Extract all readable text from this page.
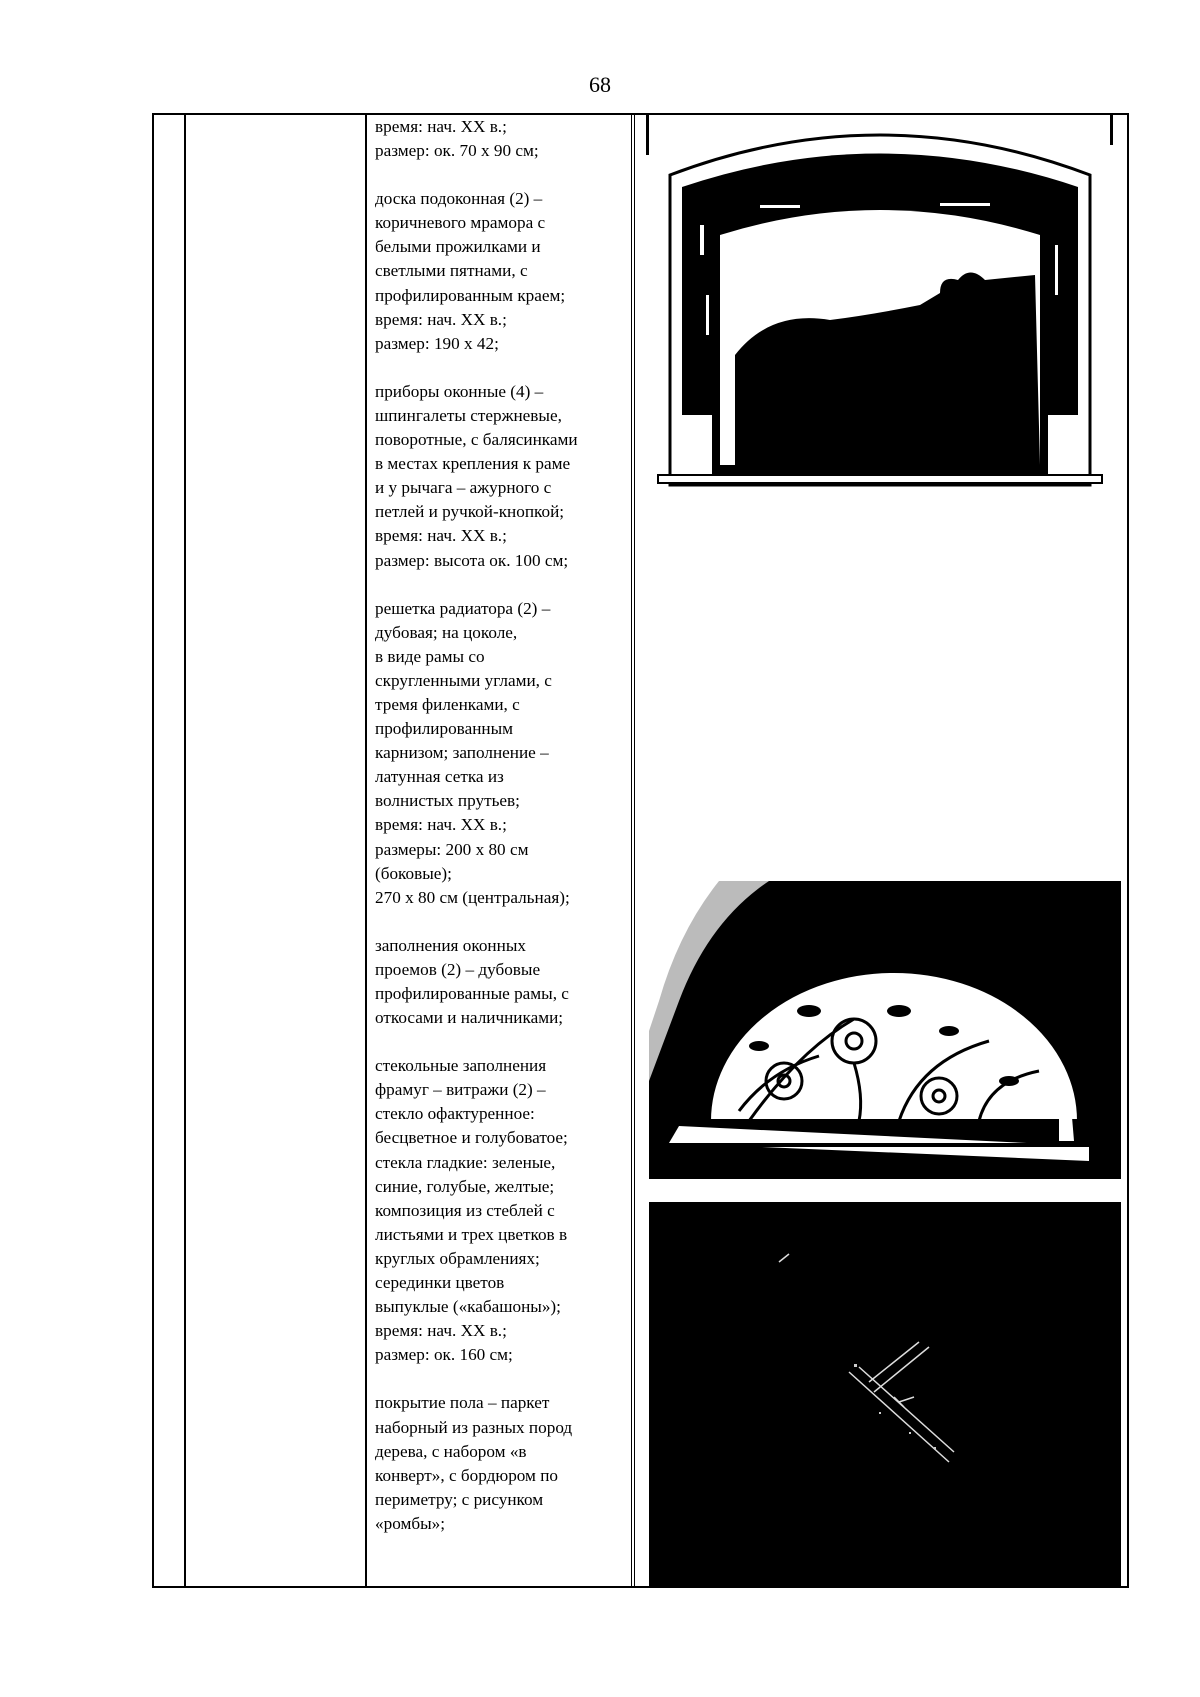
68
время: нач. XX в.;
размер: ок. 70 х 90 см;
доска подоконная (2) –
коричневого мрамора с
белыми прожилками и
светлыми пятнами, с
профилированным краем;
время: нач. XX в.;
размер: 190 х 42;
приборы оконные (4) –
шпингалеты стержневые,
поворотные, с балясинками
в местах крепления к раме
и у рычага – ажурного с
петлей и ручкой-кнопкой;
время: нач. XX в.;
размер: высота ок. 100 см;
решетка радиатора (2) –
дубовая; на цоколе,
в виде рамы со
скругленными углами, с
тремя филенками, с
профилированным
карнизом; заполнение –
латунная сетка из
волнистых прутьев;
время: нач. XX в.;
размеры: 200 х 80 см
(боковые);
270 х 80 см (центральная);
заполнения оконных
проемов (2) – дубовые
профилированные рамы, с
откосами и наличниками;
стекольные заполнения
фрамуг – витражи (2) –
стекло офактуренное:
бесцветное и голубоватое;
стекла гладкие: зеленые,
синие, голубые, желтые;
композиция из стеблей с
листьями и трех цветков в
круглых обрамлениях;
серединки цветов
выпуклые («кабашоны»);
время: нач. XX в.;
размер: ок. 160 см;
покрытие пола – паркет
наборный из разных пород
дерева, с набором «в
конверт», с бордюром по
периметру; с рисунком
«ромбы»;
